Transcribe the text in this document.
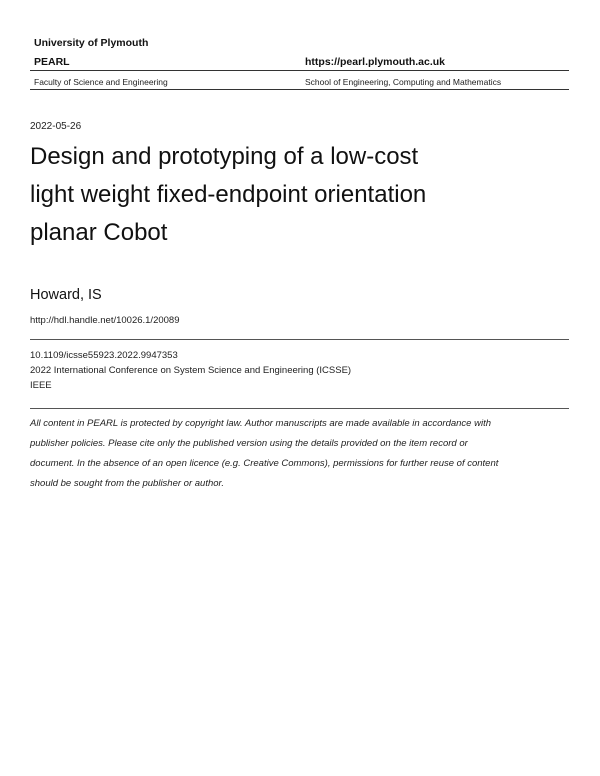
University of Plymouth
PEARL	https://pearl.plymouth.ac.uk
Faculty of Science and Engineering	School of Engineering, Computing and Mathematics
2022-05-26
Design and prototyping of a low-cost
light weight fixed-endpoint orientation
planar Cobot
Howard, IS
http://hdl.handle.net/10026.1/20089
10.1109/icsse55923.2022.9947353
2022 International Conference on System Science and Engineering (ICSSE)
IEEE
All content in PEARL is protected by copyright law. Author manuscripts are made available in accordance with
publisher policies. Please cite only the published version using the details provided on the item record or
document. In the absence of an open licence (e.g. Creative Commons), permissions for further reuse of content
should be sought from the publisher or author.
